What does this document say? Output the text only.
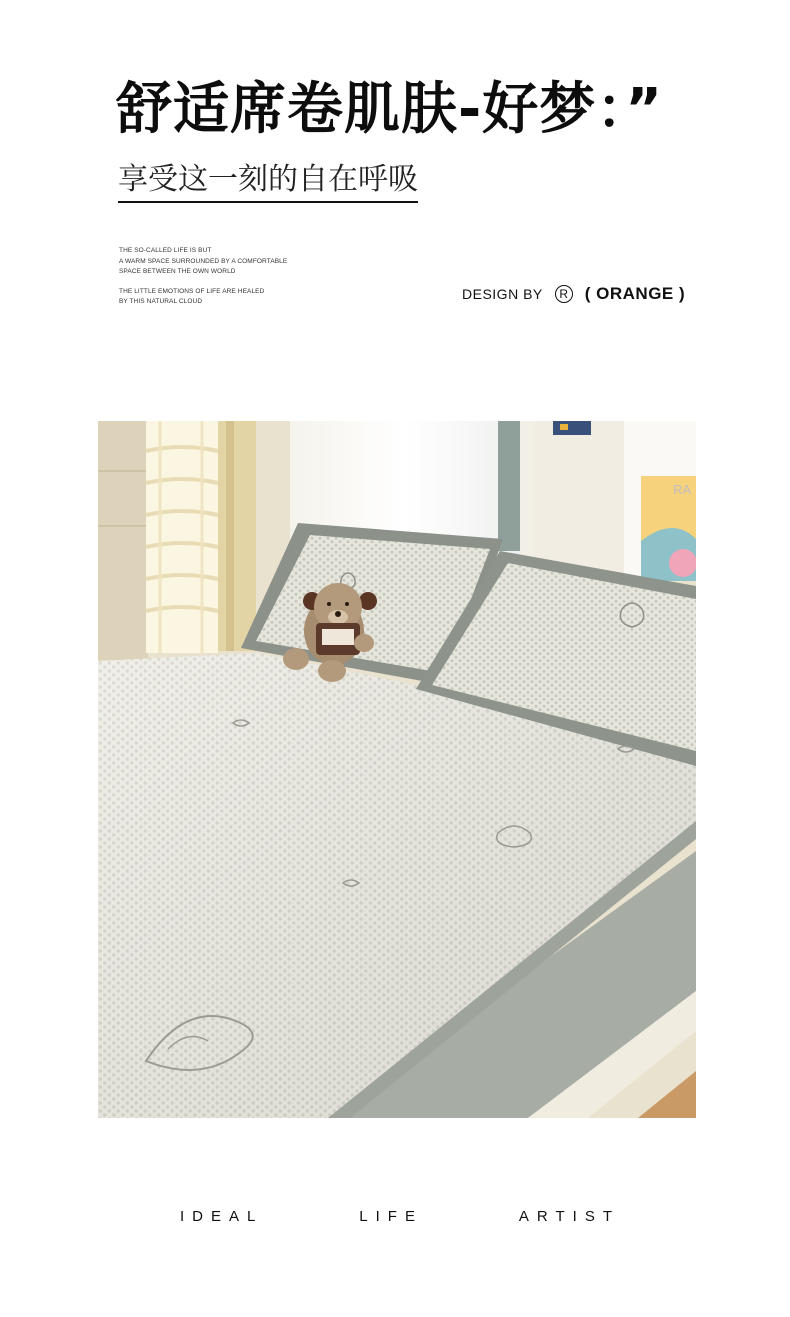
舒适席卷肌肤-好梦：”
享受这一刻的自在呼吸

THE SO-CALLED LIFE IS BUT
A WARM SPACE SURROUNDED BY A COMFORTABLE
SPACE BETWEEN THE OWN WORLD

THE LITTLE EMOTIONS OF LIFE ARE HEALED
BY THIS NATURAL CLOUD	DESIGN BY	R ( ORANGE )
RA
IDEAL	LIFE	ARTIST
